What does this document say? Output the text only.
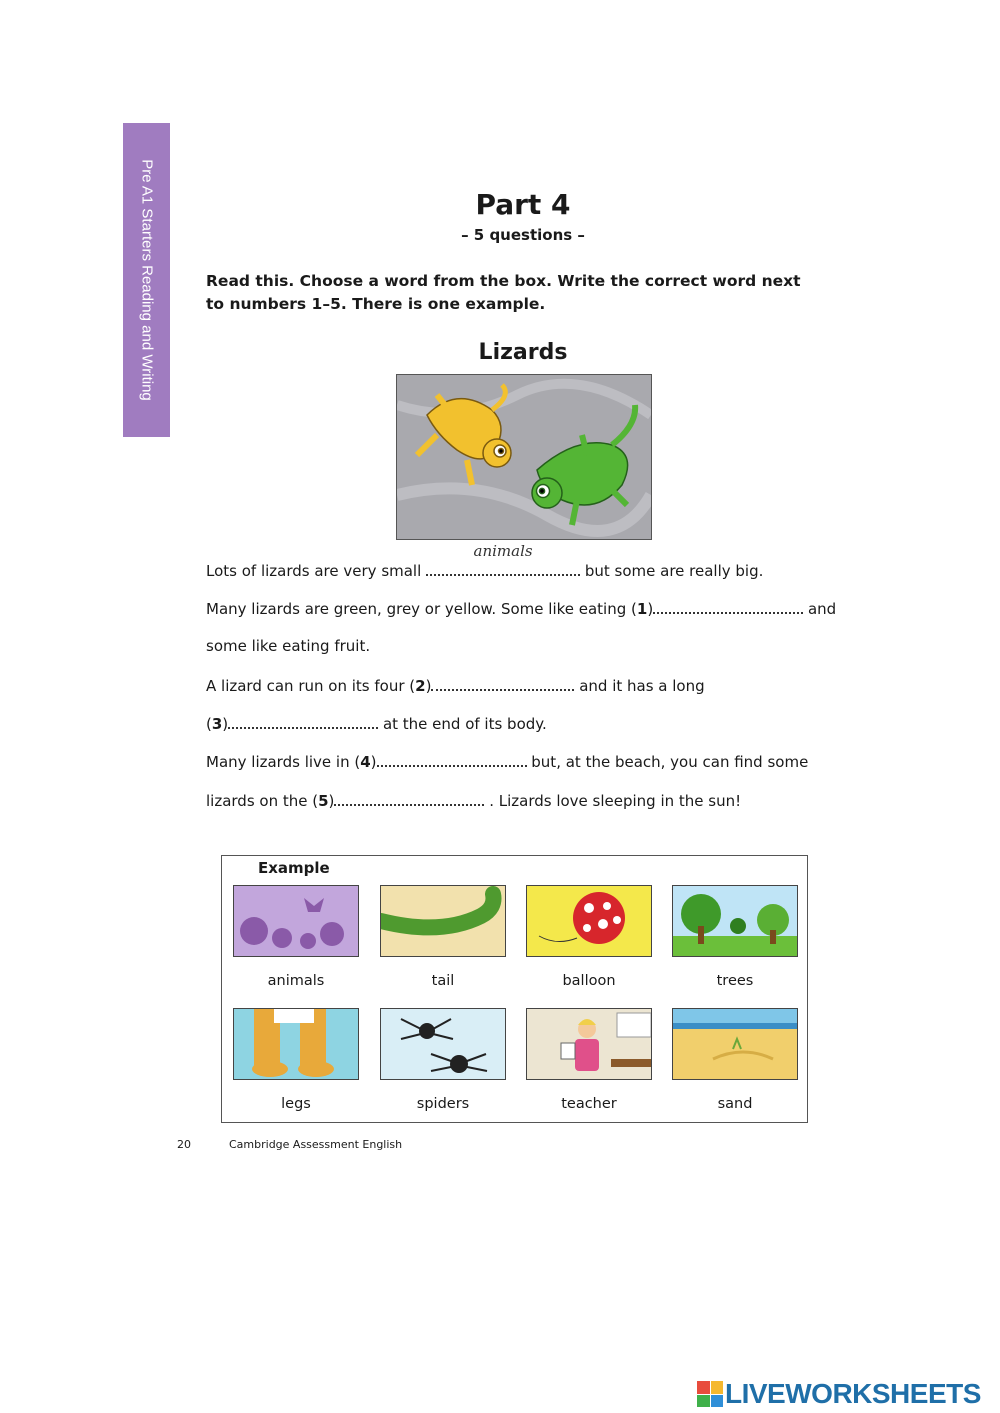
Pre A1 Starters Reading and Writing	Part 4
– 5 questions –
Read this. Choose a word from the box. Write the correct word next to numbers 1–5. There is one example.
Lizards
Lots of lizards are very small
animals
but some are really big.
Many lizards are green, grey or yellow. Some like eating (1)	and
some like eating fruit.
A lizard can run on its four (2)	and it has a long
(3)	at the end of its body.
Many lizards live in (4)	but, at the beach, you can find some
lizards on the (5)	. Lizards love sleeping in the sun!
Example
animals	tail	balloon	trees
legs	spiders	teacher	sand
20	Cambridge Assessment English
LIVEWORKSHEETS
